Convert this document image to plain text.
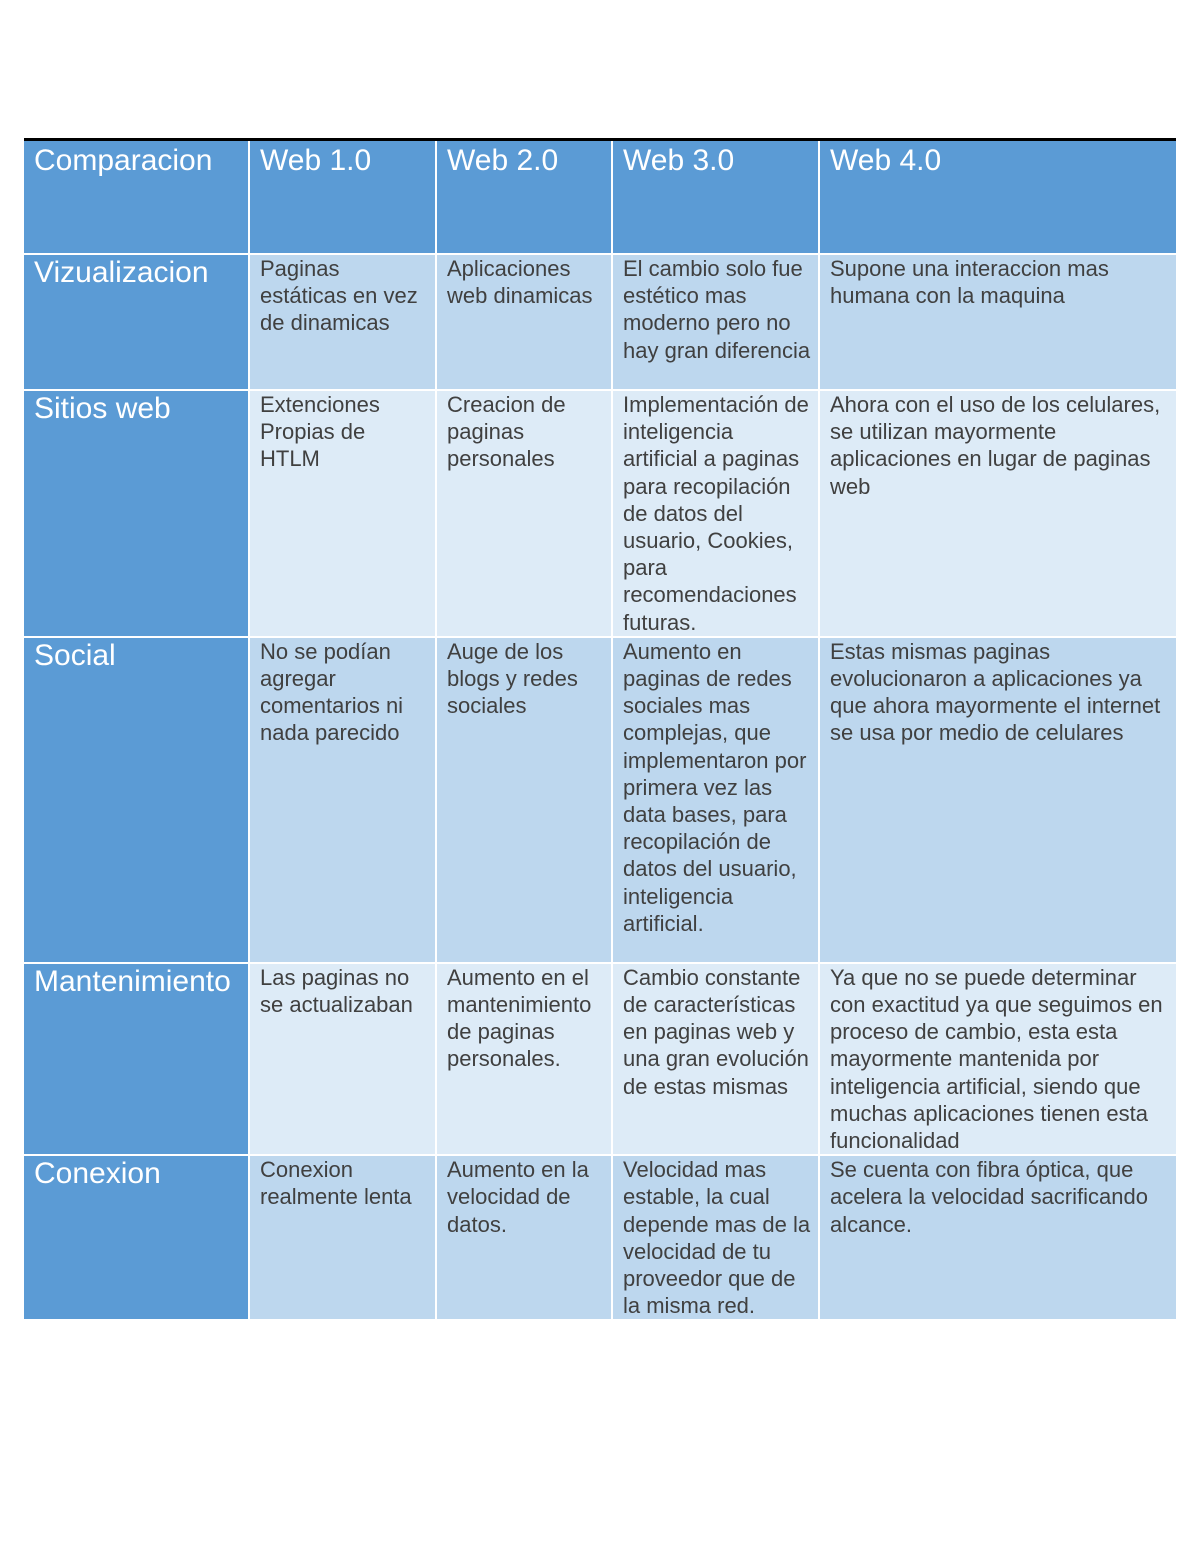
Comparacion	Web 1.0	Web 2.0	Web 3.0	Web 4.0
Vizualizacion	Paginas estáticas en vez de dinamicas	Aplicaciones web dinamicas	El cambio solo fue estético mas moderno pero no hay gran diferencia	Supone una interaccion mas humana con la maquina
Sitios web	Extenciones Propias de HTLM	Creacion de paginas personales	Implementación de inteligencia artificial a paginas para recopilación de datos del usuario, Cookies, para recomendaciones futuras.	Ahora con el uso de los celulares, se utilizan mayormente aplicaciones en lugar de paginas web
Social	No se podían agregar comentarios ni nada parecido	Auge de los blogs y redes sociales	Aumento en paginas de redes sociales mas complejas, que implementaron por primera vez las data bases, para recopilación de datos del usuario, inteligencia artificial.	Estas mismas paginas evolucionaron a aplicaciones ya que ahora mayormente el internet se usa por medio de celulares
Mantenimiento	Las paginas no se actualizaban	Aumento en el mantenimiento de paginas personales.	Cambio constante de características en paginas web y una gran evolución de estas mismas	Ya que no se puede determinar con exactitud ya que seguimos en proceso de cambio, esta esta mayormente mantenida por inteligencia artificial, siendo que muchas aplicaciones tienen esta funcionalidad
Conexion	Conexion realmente lenta	Aumento en la velocidad de datos.	Velocidad mas estable, la cual depende mas de la velocidad de tu proveedor que de la misma red.	Se cuenta con fibra óptica, que acelera la velocidad sacrificando alcance.
